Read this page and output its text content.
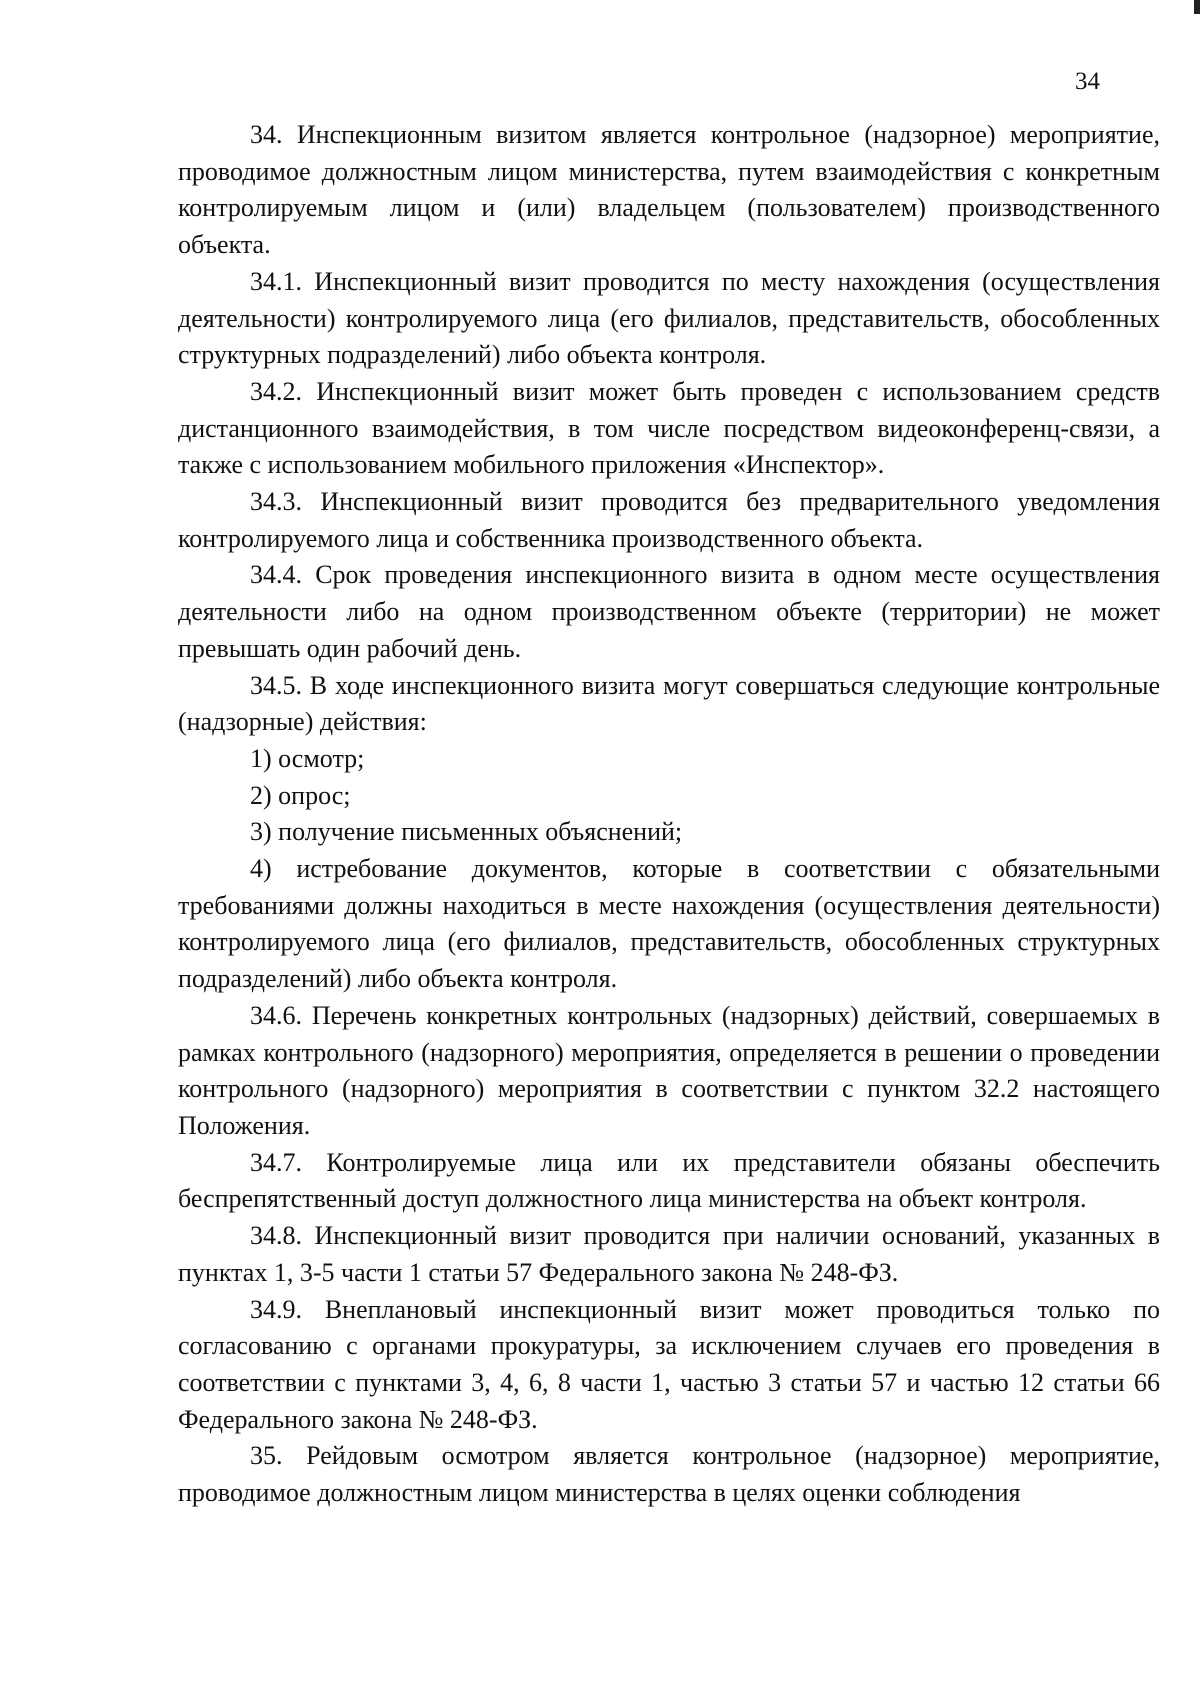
34

34. Инспекционным визитом является контрольное (надзорное) мероприятие, проводимое должностным лицом министерства, путем взаимодействия с конкретным контролируемым лицом и (или) владельцем (пользователем) производственного объекта.

34.1. Инспекционный визит проводится по месту нахождения (осуществления деятельности) контролируемого лица (его филиалов, представительств, обособленных структурных подразделений) либо объекта контроля.

34.2. Инспекционный визит может быть проведен с использованием средств дистанционного взаимодействия, в том числе посредством видеоконференц-связи, а также с использованием мобильного приложения «Инспектор».

34.3. Инспекционный визит проводится без предварительного уведомления контролируемого лица и собственника производственного объекта.

34.4. Срок проведения инспекционного визита в одном месте осуществления деятельности либо на одном производственном объекте (территории) не может превышать один рабочий день.

34.5. В ходе инспекционного визита могут совершаться следующие контрольные (надзорные) действия:

1) осмотр;

2) опрос;

3) получение письменных объяснений;

4) истребование документов, которые в соответствии с обязательными требованиями должны находиться в месте нахождения (осуществления деятельности) контролируемого лица (его филиалов, представительств, обособленных структурных подразделений) либо объекта контроля.

34.6. Перечень конкретных контрольных (надзорных) действий, совершаемых в рамках контрольного (надзорного) мероприятия, определяется в решении о проведении контрольного (надзорного) мероприятия в соответствии с пунктом 32.2 настоящего Положения.

34.7. Контролируемые лица или их представители обязаны обеспечить беспрепятственный доступ должностного лица министерства на объект контроля.

34.8. Инспекционный визит проводится при наличии оснований, указанных в пунктах 1, 3-5 части 1 статьи 57 Федерального закона № 248-ФЗ.

34.9. Внеплановый инспекционный визит может проводиться только по согласованию с органами прокуратуры, за исключением случаев его проведения в соответствии с пунктами 3, 4, 6, 8 части 1, частью 3 статьи 57 и частью 12 статьи 66 Федерального закона № 248-ФЗ.

35. Рейдовым осмотром является контрольное (надзорное) мероприятие, проводимое должностным лицом министерства в целях оценки соблюдения
